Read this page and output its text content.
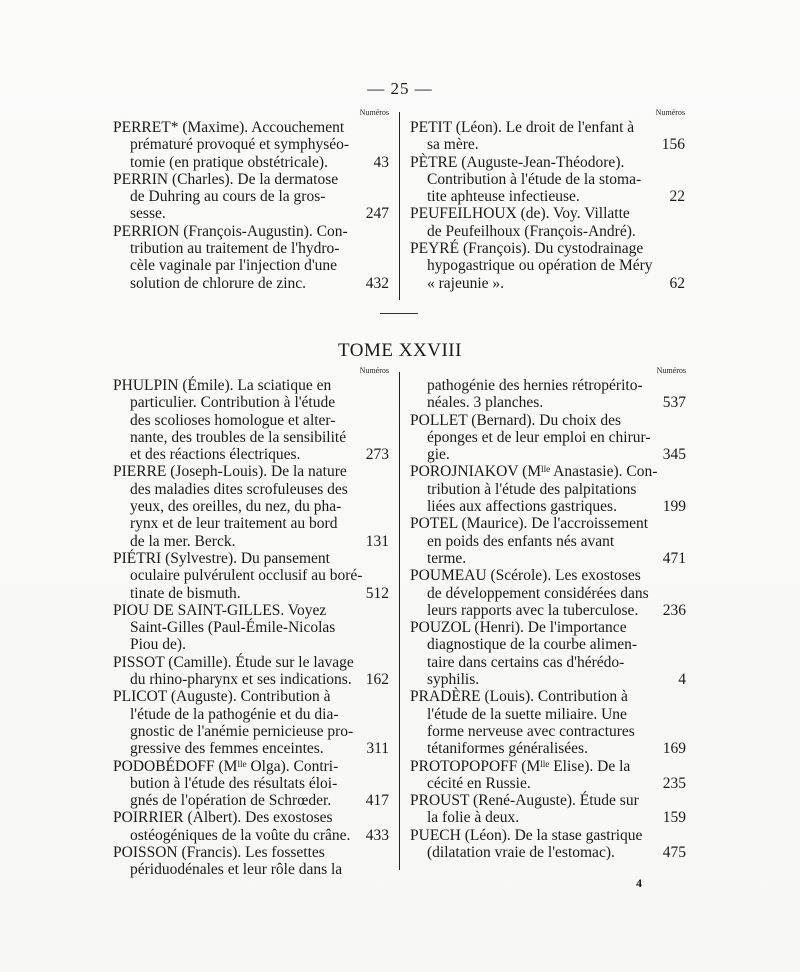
— 25 —
Numéros
PERRET* (Maxime). Accouchement
prématuré provoqué et symphyséo-
tomie (en pratique obstétricale).	43
PERRIN (Charles). De la dermatose
de Duhring au cours de la gros-
sesse.	247
PERRION (François-Augustin). Con-
tribution au traitement de l'hydro-
cèle vaginale par l'injection d'une
solution de chlorure de zinc.	432
Numéros
PETIT (Léon). Le droit de l'enfant à
sa mère.	156
PÈTRE (Auguste-Jean-Théodore).
Contribution à l'étude de la stoma-
tite aphteuse infectieuse.	22
PEUFEILHOUX (de). Voy. Villatte
de Peufeilhoux (François-André).
PEYRÉ (François). Du cystodrainage
hypogastrique ou opération de Méry
« rajeunie ».	62
TOME XXVIII
Numéros
PHULPIN (Émile). La sciatique en
particulier. Contribution à l'étude
des scolioses homologue et alter-
nante, des troubles de la sensibilité
et des réactions électriques.	273
PIERRE (Joseph-Louis). De la nature
des maladies dites scrofuleuses des
yeux, des oreilles, du nez, du pha-
rynx et de leur traitement au bord
de la mer. Berck.	131
PIÉTRI (Sylvestre). Du pansement
oculaire pulvérulent occlusif au boré-
tinate de bismuth.	512
PIOU DE SAINT-GILLES. Voyez
Saint-Gilles (Paul-Émile-Nicolas
Piou de).
PISSOT (Camille). Étude sur le lavage
du rhino-pharynx et ses indications. 162
PLICOT (Auguste). Contribution à
l'étude de la pathogénie et du dia-
gnostic de l'anémie pernicieuse pro-
gressive des femmes enceintes.	311
PODOBÉDOFF (Mˡˡᵉ Olga). Contri-
bution à l'étude des résultats éloi-
gnés de l'opération de Schrœder.	417
POIRRIER (Albert). Des exostoses
ostéogéniques de la voûte du crâne. 433
POISSON (Francis). Les fossettes
périduodénales et leur rôle dans la
Numéros
pathogénie des hernies rétropérito-
néales. 3 planches.	537
POLLET (Bernard). Du choix des
éponges et de leur emploi en chirur-
gie.	345
POROJNIAKOV (Mˡˡᵉ Anastasie). Con-
tribution à l'étude des palpitations
liées aux affections gastriques.	199
POTEL (Maurice). De l'accroissement
en poids des enfants nés avant
terme.	471
POUMEAU (Scérole). Les exostoses
de développement considérées dans
leurs rapports avec la tuberculose.	236
POUZOL (Henri). De l'importance
diagnostique de la courbe alimen-
taire dans certains cas d'hérédo-
syphilis.	4
PRADÈRE (Louis). Contribution à
l'étude de la suette miliaire. Une
forme nerveuse avec contractures
tétaniformes généralisées.	169
PROTOPOPOFF (Mˡˡᵉ Elise). De la
cécité en Russie.	235
PROUST (René-Auguste). Étude sur
la folie à deux.	159
PUECH (Léon). De la stase gastrique
(dilatation vraie de l'estomac).	475
4
